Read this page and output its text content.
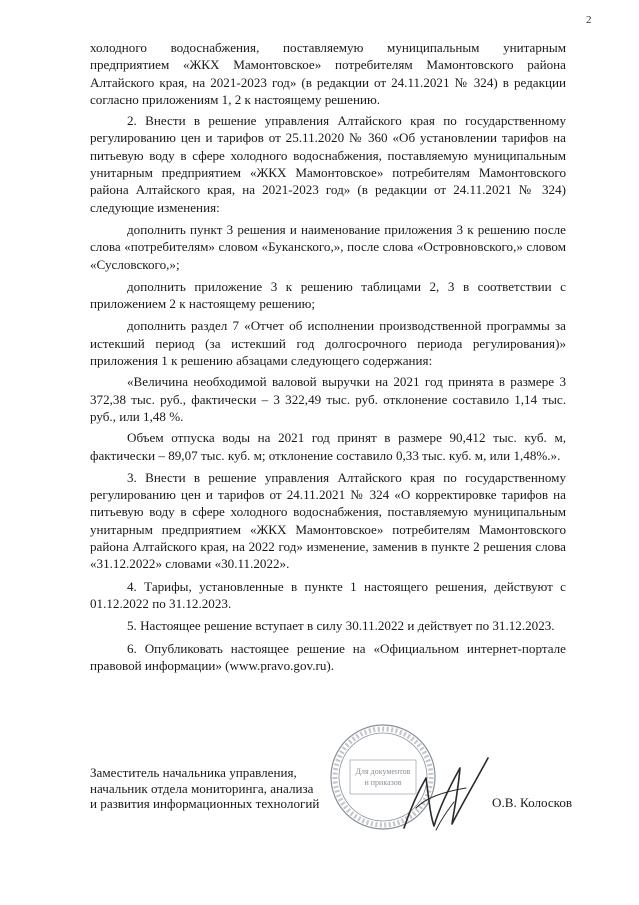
2

холодного водоснабжения, поставляемую муниципальным унитарным предприятием «ЖКХ Мамонтовское» потребителям Мамонтовского района Алтайского края, на 2021-2023 год» (в редакции от 24.11.2021 № 324) в редакции согласно приложениям 1, 2 к настоящему решению.

2. Внести в решение управления Алтайского края по государственному регулированию цен и тарифов от 25.11.2020 № 360 «Об установлении тарифов на питьевую воду в сфере холодного водоснабжения, поставляемую муниципальным унитарным предприятием «ЖКХ Мамонтовское» потребителям Мамонтовского района Алтайского края, на 2021-2023 год» (в редакции от 24.11.2021 № 324) следующие изменения:

дополнить пункт 3 решения и наименование приложения 3 к решению после слова «потребителям» словом «Буканского,», после слова «Островновского,» словом «Сусловского,»;

дополнить приложение 3 к решению таблицами 2, 3 в соответствии с приложением 2 к настоящему решению;

дополнить раздел 7 «Отчет об исполнении производственной программы за истекший период (за истекший год долгосрочного периода регулирования)» приложения 1 к решению абзацами следующего содержания:

«Величина необходимой валовой выручки на 2021 год принята в размере 3 372,38 тыс. руб., фактически – 3 322,49 тыс. руб. отклонение составило 1,14 тыс. руб., или 1,48 %.

Объем отпуска воды на 2021 год принят в размере 90,412 тыс. куб. м, фактически – 89,07 тыс. куб. м; отклонение составило 0,33 тыс. куб. м, или 1,48%.».

3. Внести в решение управления Алтайского края по государственному регулированию цен и тарифов от 24.11.2021 № 324 «О корректировке тарифов на питьевую воду в сфере холодного водоснабжения, поставляемую муниципальным унитарным предприятием «ЖКХ Мамонтовское» потребителям Мамонтовского района Алтайского края, на 2022 год» изменение, заменив в пункте 2 решения слова «31.12.2022» словами «30.11.2022».

4. Тарифы, установленные в пункте 1 настоящего решения, действуют с 01.12.2022 по 31.12.2023.

5. Настоящее решение вступает в силу 30.11.2022 и действует по 31.12.2023.

6. Опубликовать настоящее решение на «Официальном интернет-портале правовой информации» (www.pravo.gov.ru).

Для документов
и приказов
Заместитель начальника управления,
начальник отдела мониторинга, анализа
и развития информационных технологий	О.В. Колосков
